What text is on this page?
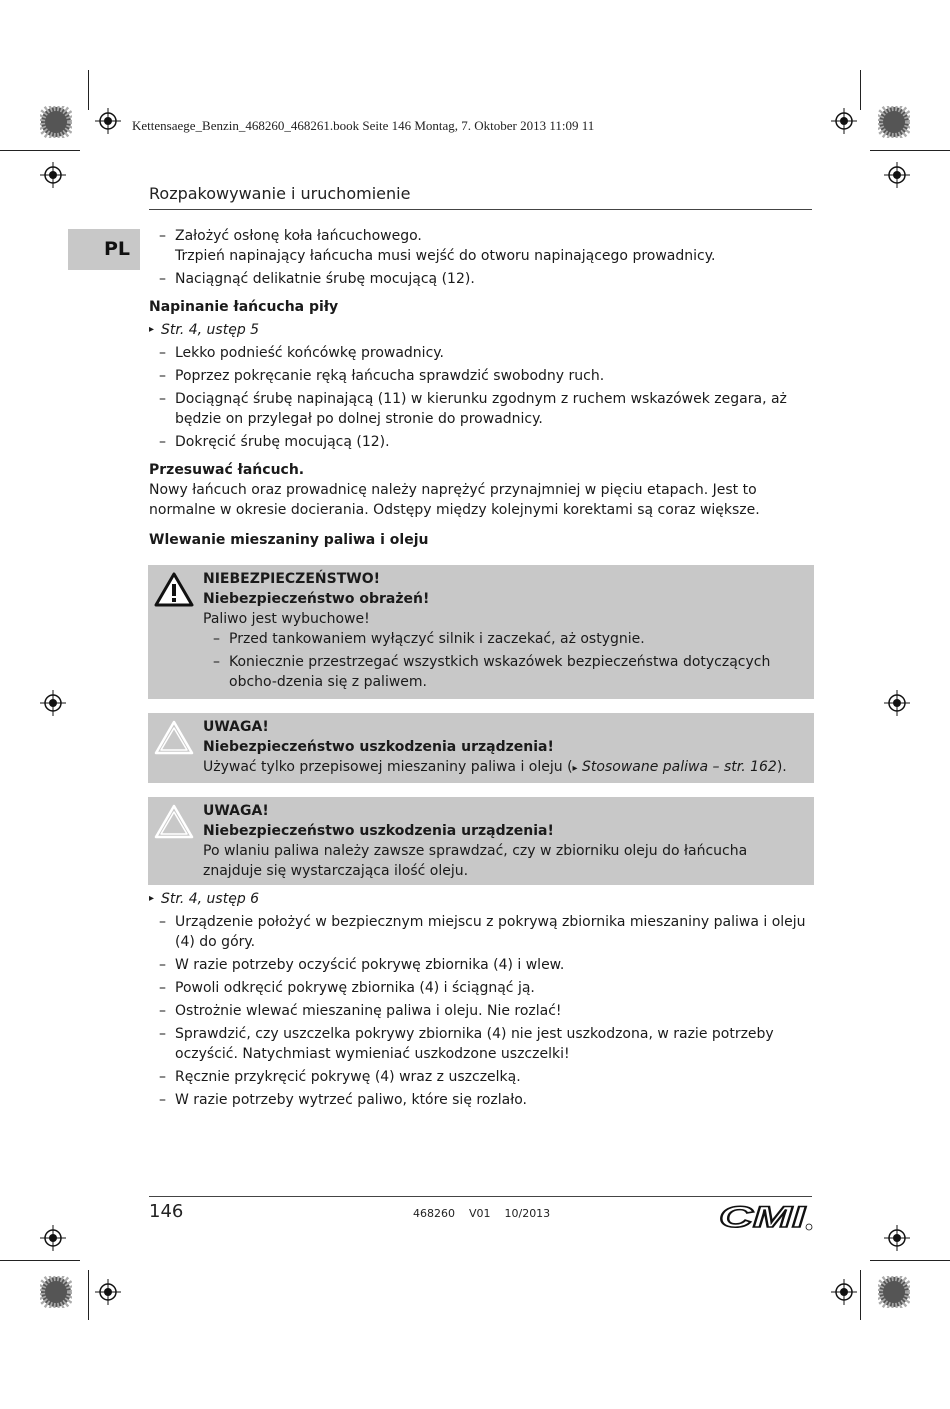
Kettensaege_Benzin_468260_468261.book Seite 146 Montag, 7. Oktober 2013 11:09 11
Rozpakowywanie i uruchomienie
PL
– Założyć osłonę koła łańcuchowego.
Trzpień napinający łańcucha musi wejść do otworu napinającego prowadnicy.
– Naciągnąć delikatnie śrubę mocującą (12).
Napinanie łańcucha piły
▸ Str. 4, ustęp 5
– Lekko podnieść końcówkę prowadnicy.
– Poprzez pokręcanie ręką łańcucha sprawdzić swobodny ruch.
– Dociągnąć śrubę napinającą (11) w kierunku zgodnym z ruchem wskazówek zegara, aż będzie on przylegał po dolnej stronie do prowadnicy.
– Dokręcić śrubę mocującą (12).
Przesuwać łańcuch.
Nowy łańcuch oraz prowadnicę należy naprężyć przynajmniej w pięciu etapach. Jest to normalne w okresie docierania. Odstępy między kolejnymi korektami są coraz większe.
Wlewanie mieszaniny paliwa i oleju
NIEBEZPIECZEŃSTWO!
Niebezpieczeństwo obrażeń!
Paliwo jest wybuchowe!
– Przed tankowaniem wyłączyć silnik i zaczekać, aż ostygnie.
– Koniecznie przestrzegać wszystkich wskazówek bezpieczeństwa dotyczących obcho-dzenia się z paliwem.
UWAGA!
Niebezpieczeństwo uszkodzenia urządzenia!
Używać tylko przepisowej mieszaniny paliwa i oleju (▸ Stosowane paliwa – str. 162).
UWAGA!
Niebezpieczeństwo uszkodzenia urządzenia!
Po wlaniu paliwa należy zawsze sprawdzać, czy w zbiorniku oleju do łańcucha znajduje się wystarczająca ilość oleju.
▸ Str. 4, ustęp 6
– Urządzenie położyć w bezpiecznym miejscu z pokrywą zbiornika mieszaniny paliwa i oleju (4) do góry.
– W razie potrzeby oczyścić pokrywę zbiornika (4) i wlew.
– Powoli odkręcić pokrywę zbiornika (4) i ściągnąć ją.
– Ostrożnie wlewać mieszaninę paliwa i oleju. Nie rozlać!
– Sprawdzić, czy uszczelka pokrywy zbiornika (4) nie jest uszkodzona, w razie potrzeby oczyścić. Natychmiast wymieniać uszkodzone uszczelki!
– Ręcznie przykręcić pokrywę (4) wraz z uszczelką.
– W razie potrzeby wytrzeć paliwo, które się rozlało.
146	468260    V01    10/2013	CMI
